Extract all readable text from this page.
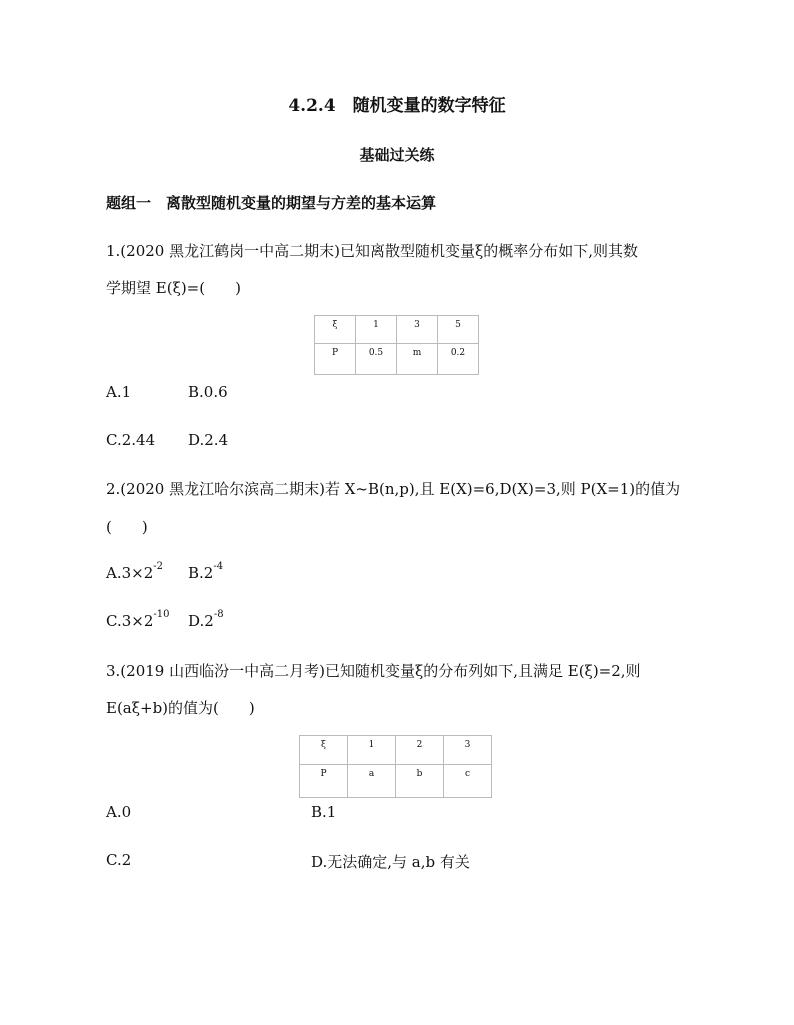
4.2.4　随机变量的数字特征
基础过关练
题组一　离散型随机变量的期望与方差的基本运算
1.(2020 黑龙江鹤岗一中高二期末)已知离散型随机变量ξ的概率分布如下,则其数
学期望 E(ξ)=(　　)
ξ	1	3	5
P	0.5	m	0.2
A.1	B.0.6
C.2.44 D.2.4
2.(2020 黑龙江哈尔滨高二期末)若 X~B(n,p),且 E(X)=6,D(X)=3,则 P(X=1)的值为
(　　)
$A.3\times 2^{-2}$ $B.2^{-4}$
$C.3\times 2^{-10}$ $D.2^{-8}$
3.(2019 山西临汾一中高二月考)已知随机变量ξ的分布列如下,且满足 E(ξ)=2,则
E(aξ+b)的值为(　　)
ξ	1	2	3
P	a	b	c
A.0	B.1
C.2	D.无法确定,与 a,b 有关
